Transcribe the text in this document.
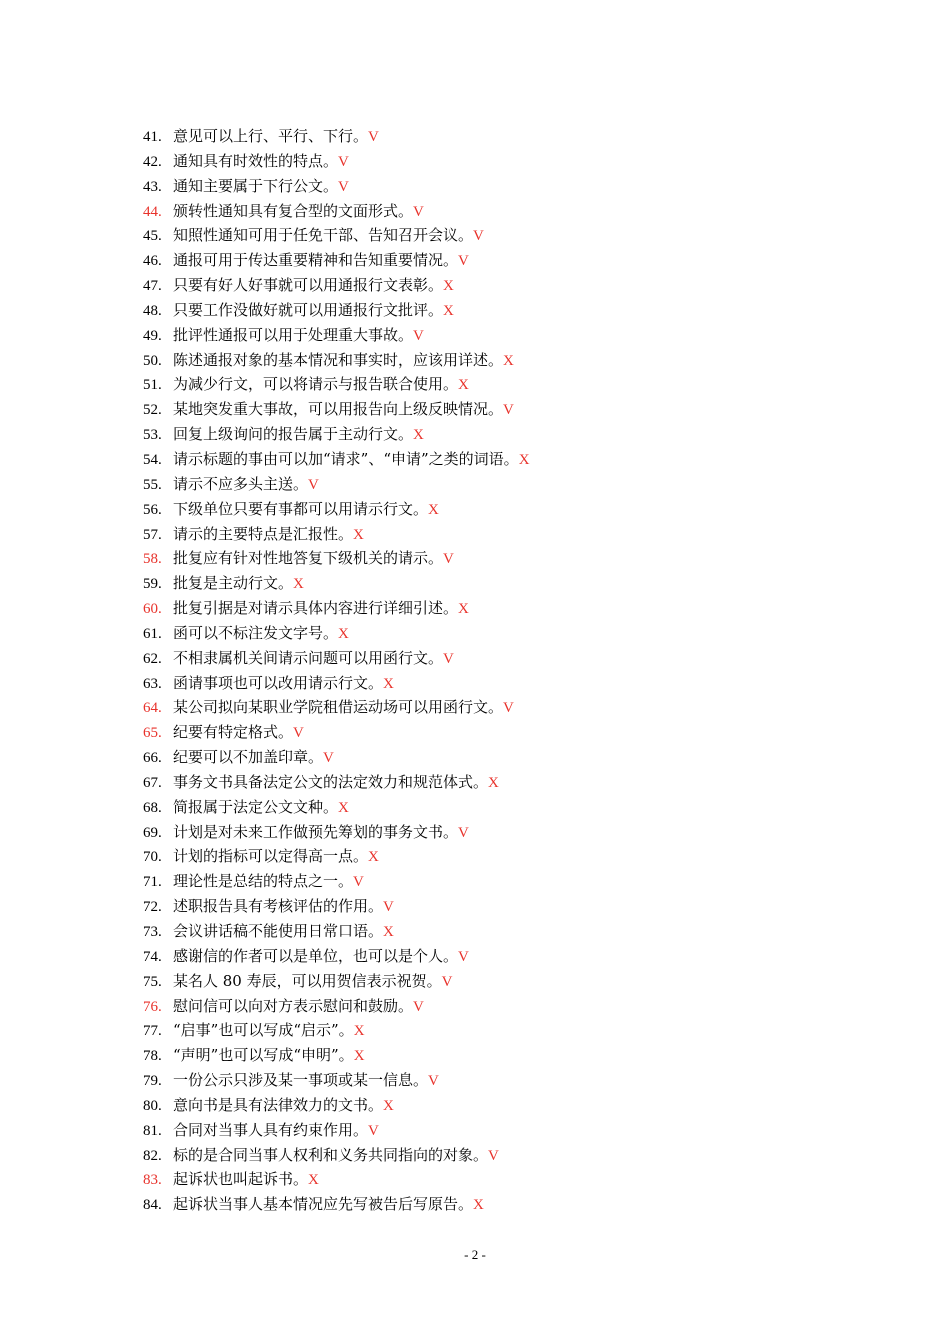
41. 意见可以上行、平行、下行。V
42. 通知具有时效性的特点。V
43. 通知主要属于下行公文。V
44. 颁转性通知具有复合型的文面形式。V
45. 知照性通知可用于任免干部、告知召开会议。V
46. 通报可用于传达重要精神和告知重要情况。V
47. 只要有好人好事就可以用通报行文表彰。X
48. 只要工作没做好就可以用通报行文批评。X
49. 批评性通报可以用于处理重大事故。V
50. 陈述通报对象的基本情况和事实时，应该用详述。X
51. 为减少行文，可以将请示与报告联合使用。X
52. 某地突发重大事故，可以用报告向上级反映情况。V
53. 回复上级询问的报告属于主动行文。X
54. 请示标题的事由可以加“请求”、“申请”之类的词语。X
55. 请示不应多头主送。V
56. 下级单位只要有事都可以用请示行文。X
57. 请示的主要特点是汇报性。X
58. 批复应有针对性地答复下级机关的请示。V
59. 批复是主动行文。X
60. 批复引据是对请示具体内容进行详细引述。X
61. 函可以不标注发文字号。X
62. 不相隶属机关间请示问题可以用函行文。V
63. 函请事项也可以改用请示行文。X
64. 某公司拟向某职业学院租借运动场可以用函行文。V
65. 纪要有特定格式。V
66. 纪要可以不加盖印章。V
67. 事务文书具备法定公文的法定效力和规范体式。X
68. 简报属于法定公文文种。X
69. 计划是对未来工作做预先筹划的事务文书。V
70. 计划的指标可以定得高一点。X
71. 理论性是总结的特点之一。V
72. 述职报告具有考核评估的作用。V
73. 会议讲话稿不能使用日常口语。X
74. 感谢信的作者可以是单位，也可以是个人。V
75. 某名人 80 寿辰，可以用贺信表示祝贺。V
76. 慰问信可以向对方表示慰问和鼓励。V
77. “启事”也可以写成“启示”。X
78. “声明”也可以写成“申明”。X
79. 一份公示只涉及某一事项或某一信息。V
80. 意向书是具有法律效力的文书。X
81. 合同对当事人具有约束作用。V
82. 标的是合同当事人权利和义务共同指向的对象。V
83. 起诉状也叫起诉书。X
84. 起诉状当事人基本情况应先写被告后写原告。X
- 2 -
